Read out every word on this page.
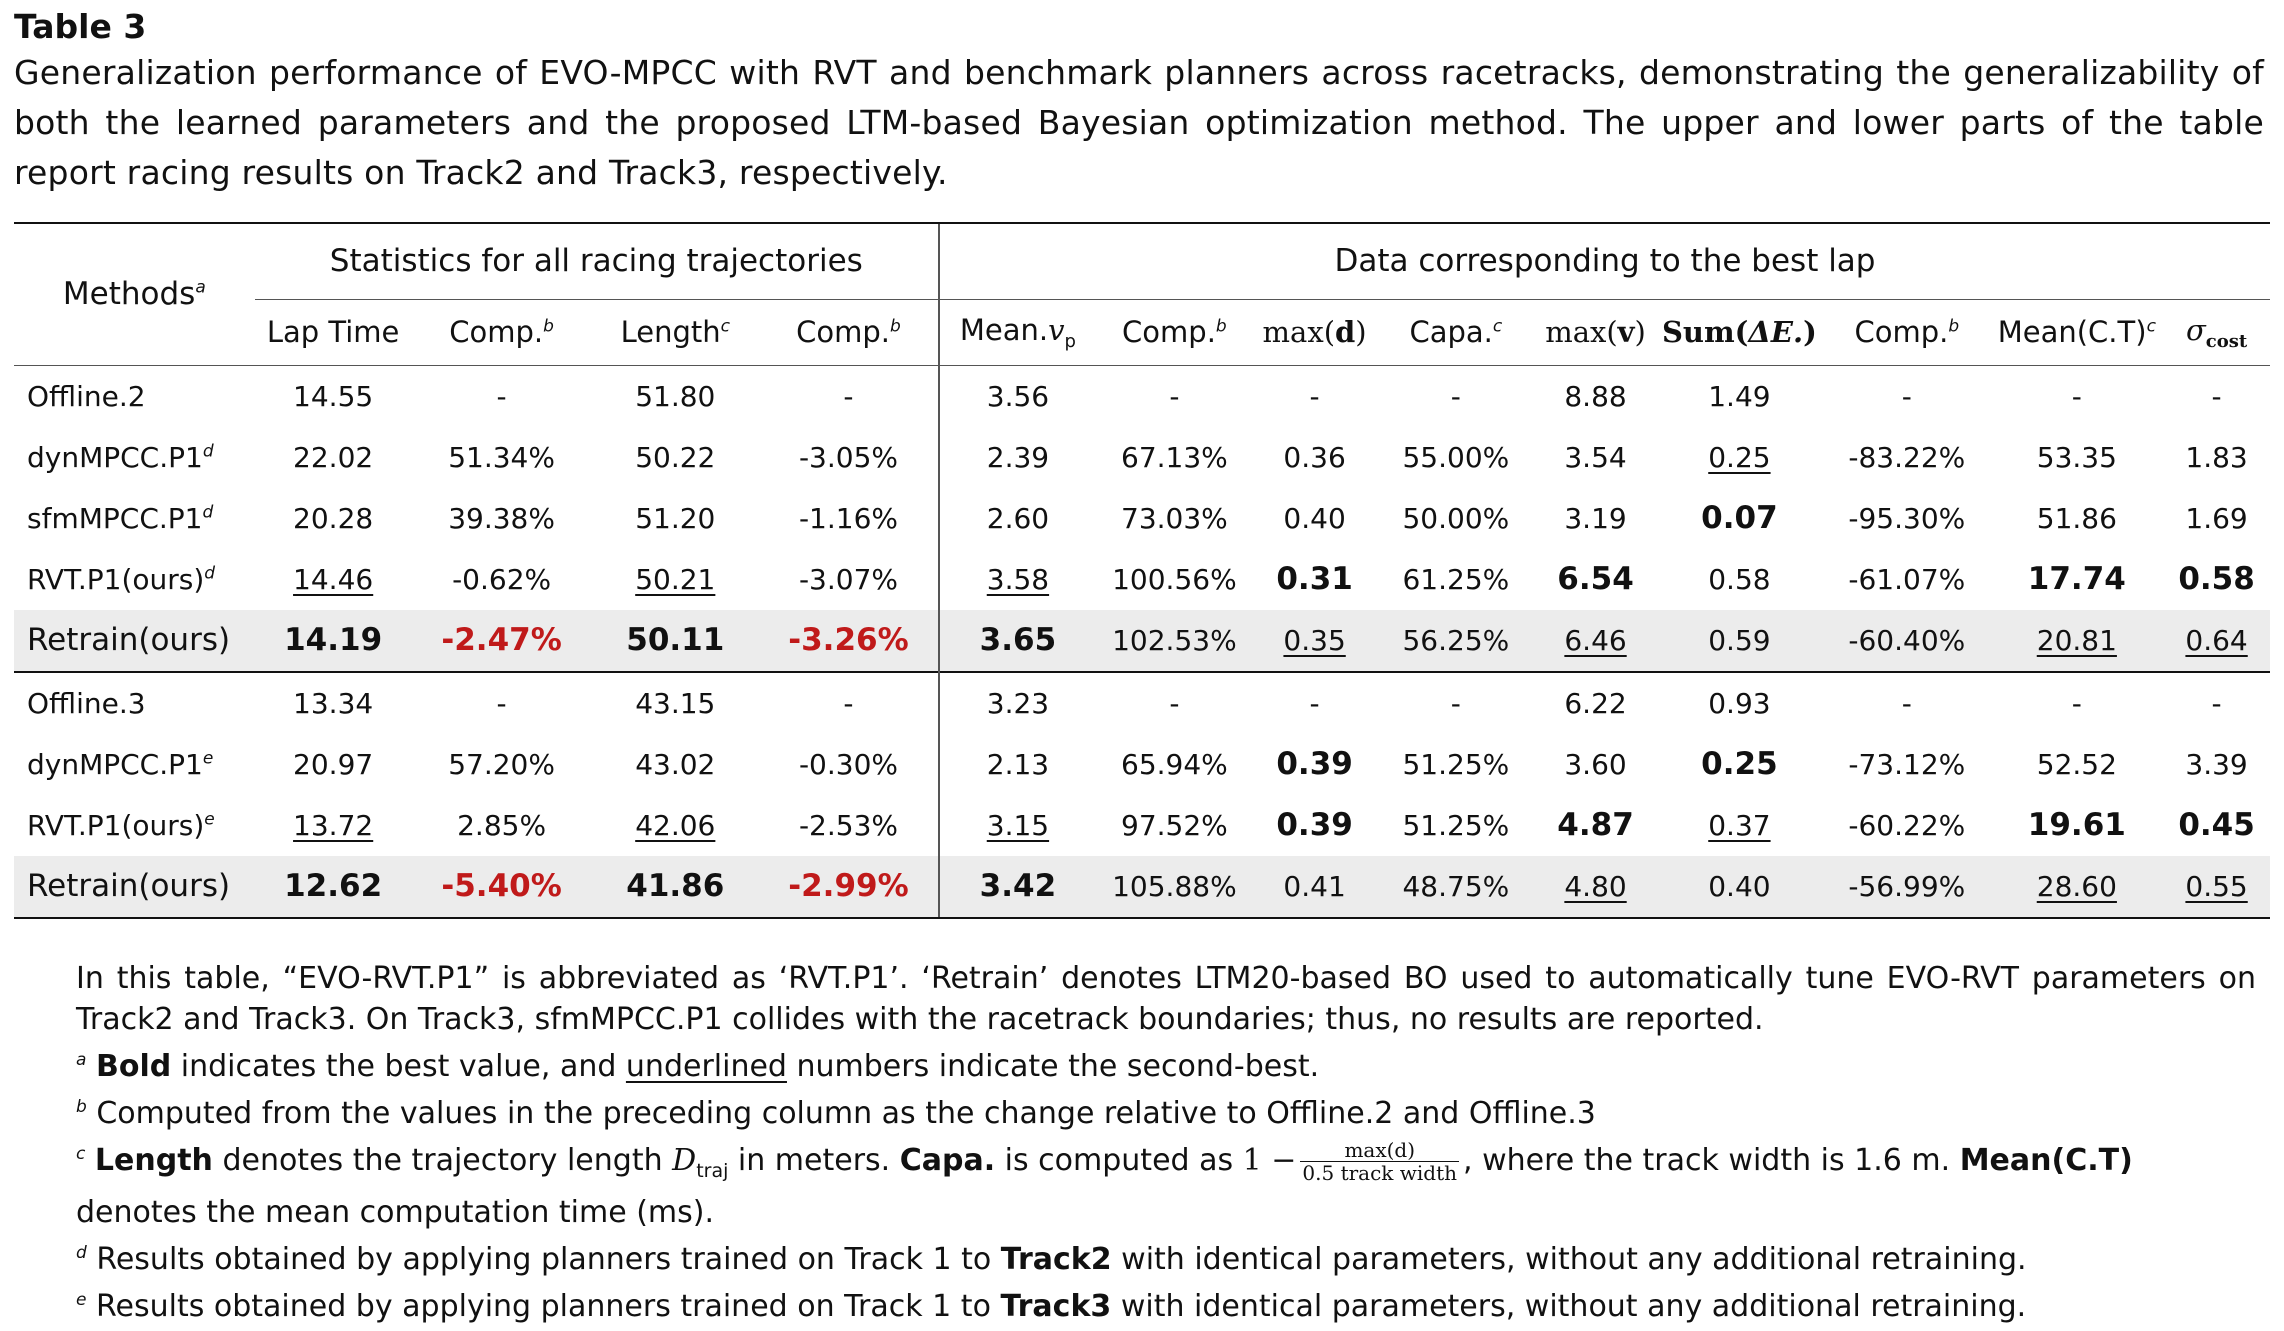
Table 3
Generalization performance of EVO-MPCC with RVT and benchmark planners across racetracks, demonstrating the generalizability of both the learned parameters and the proposed LTM-based Bayesian optimization method. The upper and lower parts of the table report racing results on Track2 and Track3, respectively.
Methods$^a$	Statistics for all racing trajectories				Data corresponding to the best lap								
	Lap Time	Comp.$^b$	Length$^c$	Comp.$^b$	$Mean.v_p$	Comp.$^b$	max(d)	Capa.$^c$	max(v)	Sum(ΔE.)	Comp.$^b$	$Mean(C.T)^c$	$\sigma_{cost}$
Offline.2	14.55	-	51.80	-	3.56	-	-	-	8.88	1.49	-	-	-
dynMPCC.P1$^d$	22.02	51.34%	50.22	-3.05%	2.39	67.13%	0.36	55.00%	3.54	0.25	-83.22%	53.35	1.83
sfmMPCC.P1$^d$	20.28	39.38%	51.20	-1.16%	2.60	73.03%	0.40	50.00%	3.19	0.07	-95.30%	51.86	1.69
RVT.P1(ours)$^d$	14.46	-0.62%	50.21	-3.07%	3.58	100.56%	0.31	61.25%	6.54	0.58	-61.07%	17.74	0.58
Retrain(ours)	14.19	-2.47%	50.11	-3.26%	3.65	102.53%	0.35	56.25%	6.46	0.59	-60.40%	20.81	0.64
Offline.3	13.34	-	43.15	-	3.23	-	-	-	6.22	0.93	-	-	-
dynMPCC.P1e	20.97	57.20%	43.02	-0.30%	2.13	65.94%	0.39	51.25%	3.60	0.25	-73.12%	52.52	3.39
RVT.P1(ours)$^e$	13.72	2.85%	42.06	-2.53%	3.15	97.52%	0.39	51.25%	4.87	0.37	-60.22%	19.61	0.45
Retrain(ours)	12.62	-5.40%	41.86	-2.99%	3.42	105.88%	0.41	48.75%	4.80	0.40	-56.99%	28.60	0.55

In this table, “EVO-RVT.P1” is abbreviated as ‘RVT.P1’. ‘Retrain’ denotes LTM20-based BO used to automatically tune EVO-RVT parameters on Track2 and Track3. On Track3, sfmMPCC.P1 collides with the racetrack boundaries; thus, no results are reported.

$^a$ Bold indicates the best value, and underlined numbers indicate the second-best.

$^b$ Computed from the values in the preceding column as the change relative to Offline.2 and Offline.3

$^c$ Length denotes the trajectory length $D_{traj}$ in meters. Capa. is computed as $1 - \frac{\max(d)}{\text{0.5 track width}}$ , where the track width is 1.6 m. Mean(C.T)
denotes the mean computation time (ms).

$^d$ Results obtained by applying planners trained on Track 1 to Track2 with identical parameters, without any additional retraining.

$^e$ Results obtained by applying planners trained on Track 1 to Track3 with identical parameters, without any additional retraining.
